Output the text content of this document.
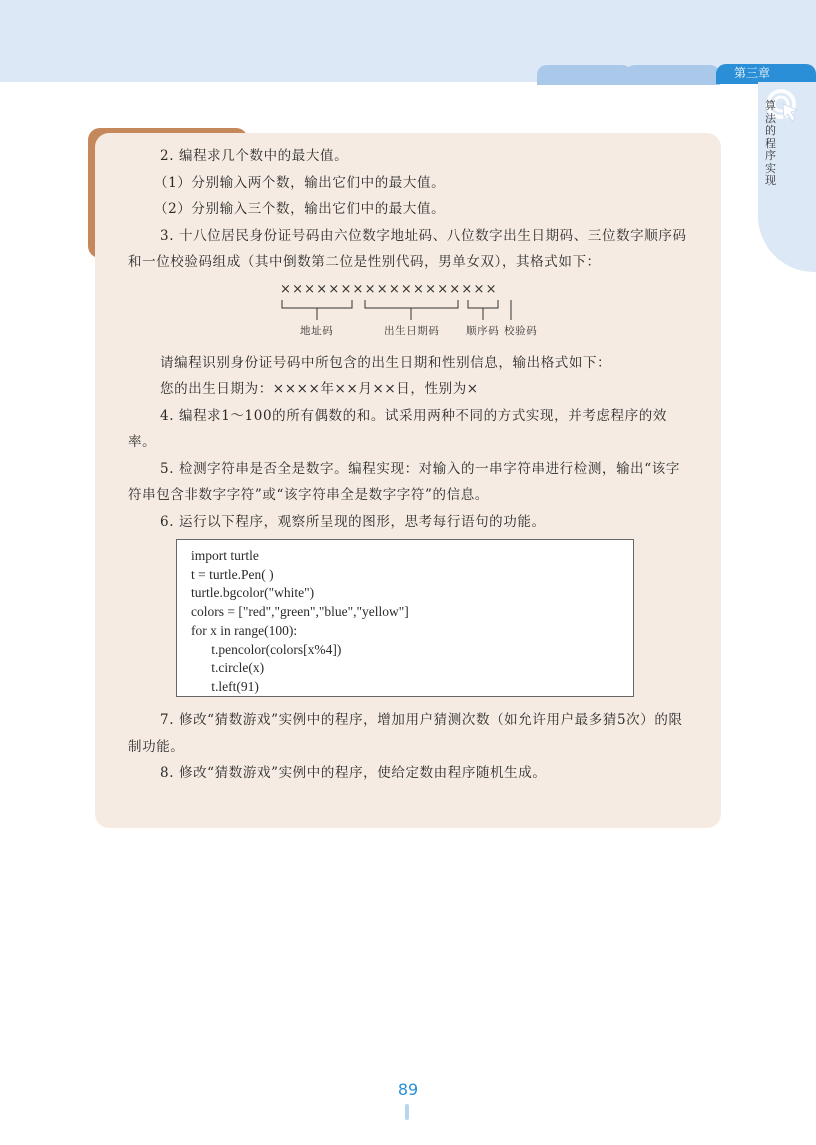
第三章
算法的程序实现

2. 编程求几个数中的最大值。

（1）分别输入两个数，输出它们中的最大值。

（2）分别输入三个数，输出它们中的最大值。

3. 十八位居民身份证号码由六位数字地址码、八位数字出生日期码、三位数字顺序码和一位校验码组成（其中倒数第二位是性别代码，男单女双），其格式如下：

××××××××××××××××××
地址码	出生日期码	顺序码 校验码

请编程识别身份证号码中所包含的出生日期和性别信息，输出格式如下：

您的出生日期为：××××年××月××日，性别为×

4. 编程求1～100的所有偶数的和。试采用两种不同的方式实现，并考虑程序的效率。

5. 检测字符串是否全是数字。编程实现：对输入的一串字符串进行检测，输出“该字符串包含非数字字符”或“该字符串全是数字字符”的信息。

6. 运行以下程序，观察所呈现的图形，思考每行语句的功能。

import turtle
t = turtle.Pen( )
turtle.bgcolor("white")
colors = ["red","green","blue","yellow"]
for x in range(100):
t.pencolor(colors[x%4])
t.circle(x)
t.left(91)

7. 修改“猜数游戏”实例中的程序，增加用户猜测次数（如允许用户最多猜5次）的限制功能。

8. 修改“猜数游戏”实例中的程序，使给定数由程序随机生成。

89
